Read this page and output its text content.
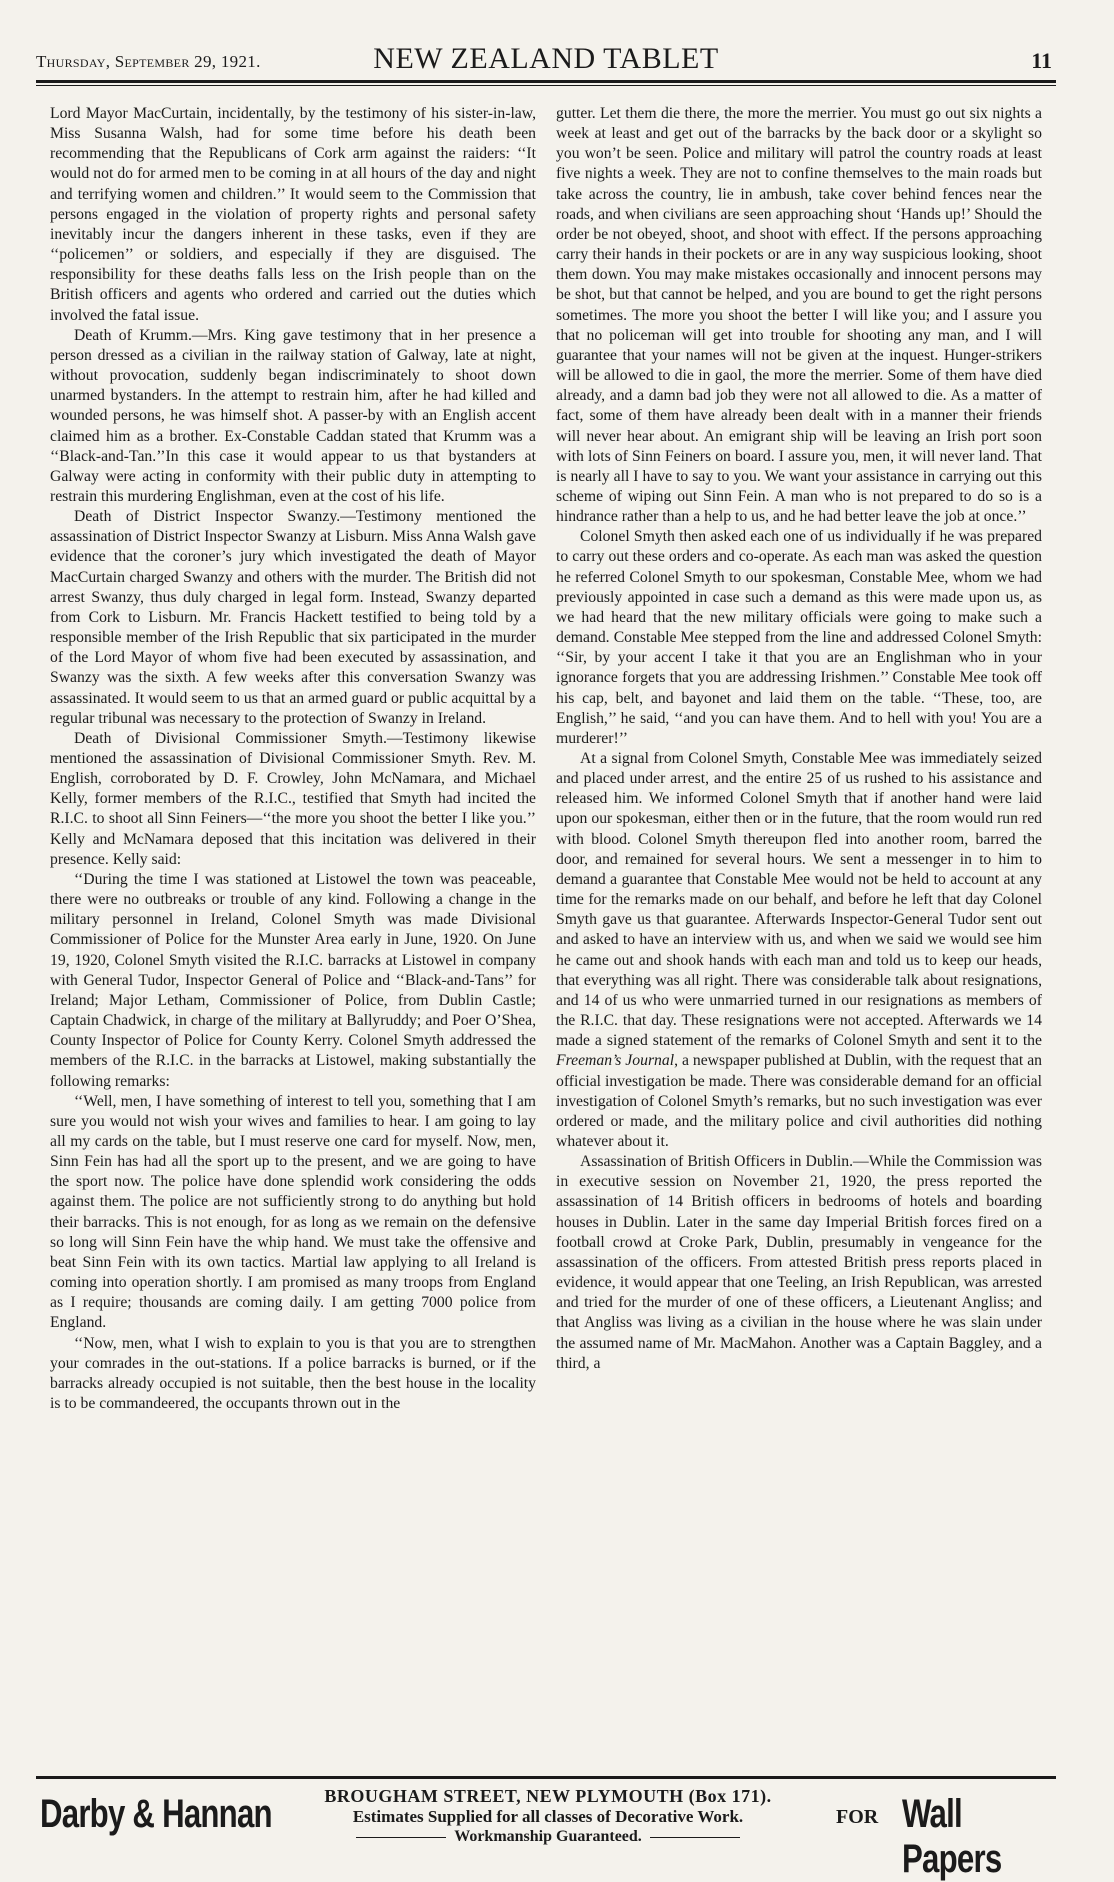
Thursday, September 29, 1921.	NEW ZEALAND TABLET	11

Lord Mayor MacCurtain, incidentally, by the testimony of his sister-in-law, Miss Susanna Walsh, had for some time before his death been recommending that the Republicans of Cork arm against the raiders: ‘‘It would not do for armed men to be coming in at all hours of the day and night and terrifying women and children.’’ It would seem to the Commission that persons engaged in the violation of property rights and personal safety inevitably incur the dangers inherent in these tasks, even if they are ‘‘policemen’’ or soldiers, and especially if they are disguised. The responsibility for these deaths falls less on the Irish people than on the British officers and agents who ordered and carried out the duties which involved the fatal issue.

Death of Krumm.—Mrs. King gave testimony that in her presence a person dressed as a civilian in the railway station of Galway, late at night, without provocation, suddenly began indiscriminately to shoot down unarmed bystanders. In the attempt to restrain him, after he had killed and wounded persons, he was himself shot. A passer-by with an English accent claimed him as a brother. Ex-Constable Caddan stated that Krumm was a ‘‘Black-and-Tan.’’In this case it would appear to us that bystanders at Galway were acting in conformity with their public duty in attempting to restrain this murdering Englishman, even at the cost of his life.

Death of District Inspector Swanzy.—Testimony mentioned the assassination of District Inspector Swanzy at Lisburn. Miss Anna Walsh gave evidence that the coroner’s jury which investigated the death of Mayor MacCurtain charged Swanzy and others with the murder. The British did not arrest Swanzy, thus duly charged in legal form. Instead, Swanzy departed from Cork to Lisburn. Mr. Francis Hackett testified to being told by a responsible member of the Irish Republic that six participated in the murder of the Lord Mayor of whom five had been executed by assassination, and Swanzy was the sixth. A few weeks after this conversation Swanzy was assassinated. It would seem to us that an armed guard or public acquittal by a regular tribunal was necessary to the protection of Swanzy in Ireland.

Death of Divisional Commissioner Smyth.—Testimony likewise mentioned the assassination of Divisional Commissioner Smyth. Rev. M. English, corroborated by D. F. Crowley, John McNamara, and Michael Kelly, former members of the R.I.C., testified that Smyth had incited the R.I.C. to shoot all Sinn Feiners—‘‘the more you shoot the better I like you.’’ Kelly and McNamara deposed that this incitation was delivered in their presence. Kelly said:

‘‘During the time I was stationed at Listowel the town was peaceable, there were no outbreaks or trouble of any kind. Following a change in the military personnel in Ireland, Colonel Smyth was made Divisional Commissioner of Police for the Munster Area early in June, 1920. On June 19, 1920, Colonel Smyth visited the R.I.C. barracks at Listowel in company with General Tudor, Inspector General of Police and ‘‘Black-and-Tans’’ for Ireland; Major Letham, Commissioner of Police, from Dublin Castle; Captain Chadwick, in charge of the military at Ballyruddy; and Poer O’Shea, County Inspector of Police for County Kerry. Colonel Smyth addressed the members of the R.I.C. in the barracks at Listowel, making substantially the following remarks:

‘‘Well, men, I have something of interest to tell you, something that I am sure you would not wish your wives and families to hear. I am going to lay all my cards on the table, but I must reserve one card for myself. Now, men, Sinn Fein has had all the sport up to the present, and we are going to have the sport now. The police have done splendid work considering the odds against them. The police are not sufficiently strong to do anything but hold their barracks. This is not enough, for as long as we remain on the defensive so long will Sinn Fein have the whip hand. We must take the offensive and beat Sinn Fein with its own tactics. Martial law applying to all Ireland is coming into operation shortly. I am promised as many troops from England as I require; thousands are coming daily. I am getting 7000 police from England.

‘‘Now, men, what I wish to explain to you is that you are to strengthen your comrades in the out-stations. If a police barracks is burned, or if the barracks already occupied is not suitable, then the best house in the locality is to be commandeered, the occupants thrown out in the

gutter. Let them die there, the more the merrier. You must go out six nights a week at least and get out of the barracks by the back door or a skylight so you won’t be seen. Police and military will patrol the country roads at least five nights a week. They are not to confine themselves to the main roads but take across the country, lie in ambush, take cover behind fences near the roads, and when civilians are seen approaching shout ‘Hands up!’ Should the order be not obeyed, shoot, and shoot with effect. If the persons approaching carry their hands in their pockets or are in any way suspicious looking, shoot them down. You may make mistakes occasionally and innocent persons may be shot, but that cannot be helped, and you are bound to get the right persons sometimes. The more you shoot the better I will like you; and I assure you that no policeman will get into trouble for shooting any man, and I will guarantee that your names will not be given at the inquest. Hunger-strikers will be allowed to die in gaol, the more the merrier. Some of them have died already, and a damn bad job they were not all allowed to die. As a matter of fact, some of them have already been dealt with in a manner their friends will never hear about. An emigrant ship will be leaving an Irish port soon with lots of Sinn Feiners on board. I assure you, men, it will never land. That is nearly all I have to say to you. We want your assistance in carrying out this scheme of wiping out Sinn Fein. A man who is not prepared to do so is a hindrance rather than a help to us, and he had better leave the job at once.’’

Colonel Smyth then asked each one of us individually if he was prepared to carry out these orders and co-operate. As each man was asked the question he referred Colonel Smyth to our spokesman, Constable Mee, whom we had previously appointed in case such a demand as this were made upon us, as we had heard that the new military officials were going to make such a demand. Constable Mee stepped from the line and addressed Colonel Smyth: ‘‘Sir, by your accent I take it that you are an Englishman who in your ignorance forgets that you are addressing Irishmen.’’ Constable Mee took off his cap, belt, and bayonet and laid them on the table. ‘‘These, too, are English,’’ he said, ‘‘and you can have them. And to hell with you! You are a murderer!’’

At a signal from Colonel Smyth, Constable Mee was immediately seized and placed under arrest, and the entire 25 of us rushed to his assistance and released him. We informed Colonel Smyth that if another hand were laid upon our spokesman, either then or in the future, that the room would run red with blood. Colonel Smyth thereupon fled into another room, barred the door, and remained for several hours. We sent a messenger in to him to demand a guarantee that Constable Mee would not be held to account at any time for the remarks made on our behalf, and before he left that day Colonel Smyth gave us that guarantee. Afterwards Inspector-General Tudor sent out and asked to have an interview with us, and when we said we would see him he came out and shook hands with each man and told us to keep our heads, that everything was all right. There was considerable talk about resignations, and 14 of us who were unmarried turned in our resignations as members of the R.I.C. that day. These resignations were not accepted. Afterwards we 14 made a signed statement of the remarks of Colonel Smyth and sent it to the Freeman’s Journal, a newspaper published at Dublin, with the request that an official investigation be made. There was considerable demand for an official investigation of Colonel Smyth’s remarks, but no such investigation was ever ordered or made, and the military police and civil authorities did nothing whatever about it.

Assassination of British Officers in Dublin.—While the Commission was in executive session on November 21, 1920, the press reported the assassination of 14 British officers in bedrooms of hotels and boarding houses in Dublin. Later in the same day Imperial British forces fired on a football crowd at Croke Park, Dublin, presumably in vengeance for the assassination of the officers. From attested British press reports placed in evidence, it would appear that one Teeling, an Irish Republican, was arrested and tried for the murder of one of these officers, a Lieutenant Angliss; and that Angliss was living as a civilian in the house where he was slain under the assumed name of Mr. MacMahon. Another was a Captain Baggley, and a third, a

Darby & Hannan	BROUGHAM STREET, NEW PLYMOUTH (Box 171).
Estimates Supplied for all classes of Decorative Work.
Workmanship Guaranteed.
FOR Wall Papers
